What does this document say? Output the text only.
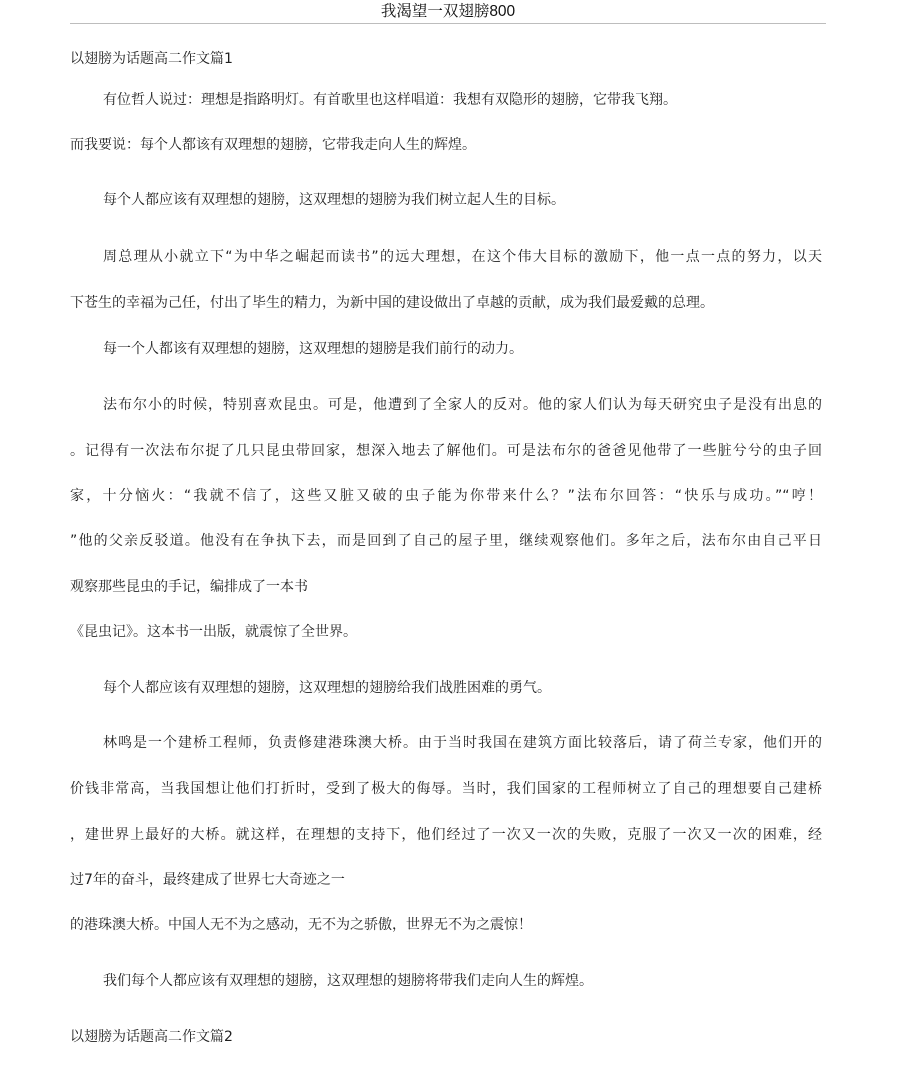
我渴望一双翅膀800
以翅膀为话题高二作文篇1
有位哲人说过：理想是指路明灯。有首歌里也这样唱道：我想有双隐形的翅膀，它带我飞翔。
而我要说：每个人都该有双理想的翅膀，它带我走向人生的辉煌。
每个人都应该有双理想的翅膀，这双理想的翅膀为我们树立起人生的目标。
周总理从小就立下“为中华之崛起而读书”的远大理想，在这个伟大目标的激励下，他一点一点的努力，以天
下苍生的幸福为己任，付出了毕生的精力，为新中国的建设做出了卓越的贡献，成为我们最爱戴的总理。
每一个人都该有双理想的翅膀，这双理想的翅膀是我们前行的动力。
法布尔小的时候，特别喜欢昆虫。可是，他遭到了全家人的反对。他的家人们认为每天研究虫子是没有出息的
。记得有一次法布尔捉了几只昆虫带回家，想深入地去了解他们。可是法布尔的爸爸见他带了一些脏兮兮的虫子回
家，十分恼火：“我就不信了，这些又脏又破的虫子能为你带来什么？”法布尔回答：“快乐与成功。”“哼！
”他的父亲反驳道。他没有在争执下去，而是回到了自己的屋子里，继续观察他们。多年之后，法布尔由自己平日
观察那些昆虫的手记，编排成了一本书
《昆虫记》。这本书一出版，就震惊了全世界。
每个人都应该有双理想的翅膀，这双理想的翅膀给我们战胜困难的勇气。
林鸣是一个建桥工程师，负责修建港珠澳大桥。由于当时我国在建筑方面比较落后，请了荷兰专家，他们开的
价钱非常高，当我国想让他们打折时，受到了极大的侮辱。当时，我们国家的工程师树立了自己的理想要自己建桥
，建世界上最好的大桥。就这样，在理想的支持下，他们经过了一次又一次的失败，克服了一次又一次的困难，经
过7年的奋斗，最终建成了世界七大奇迹之一
的港珠澳大桥。中国人无不为之感动，无不为之骄傲，世界无不为之震惊！
我们每个人都应该有双理想的翅膀，这双理想的翅膀将带我们走向人生的辉煌。
以翅膀为话题高二作文篇2
